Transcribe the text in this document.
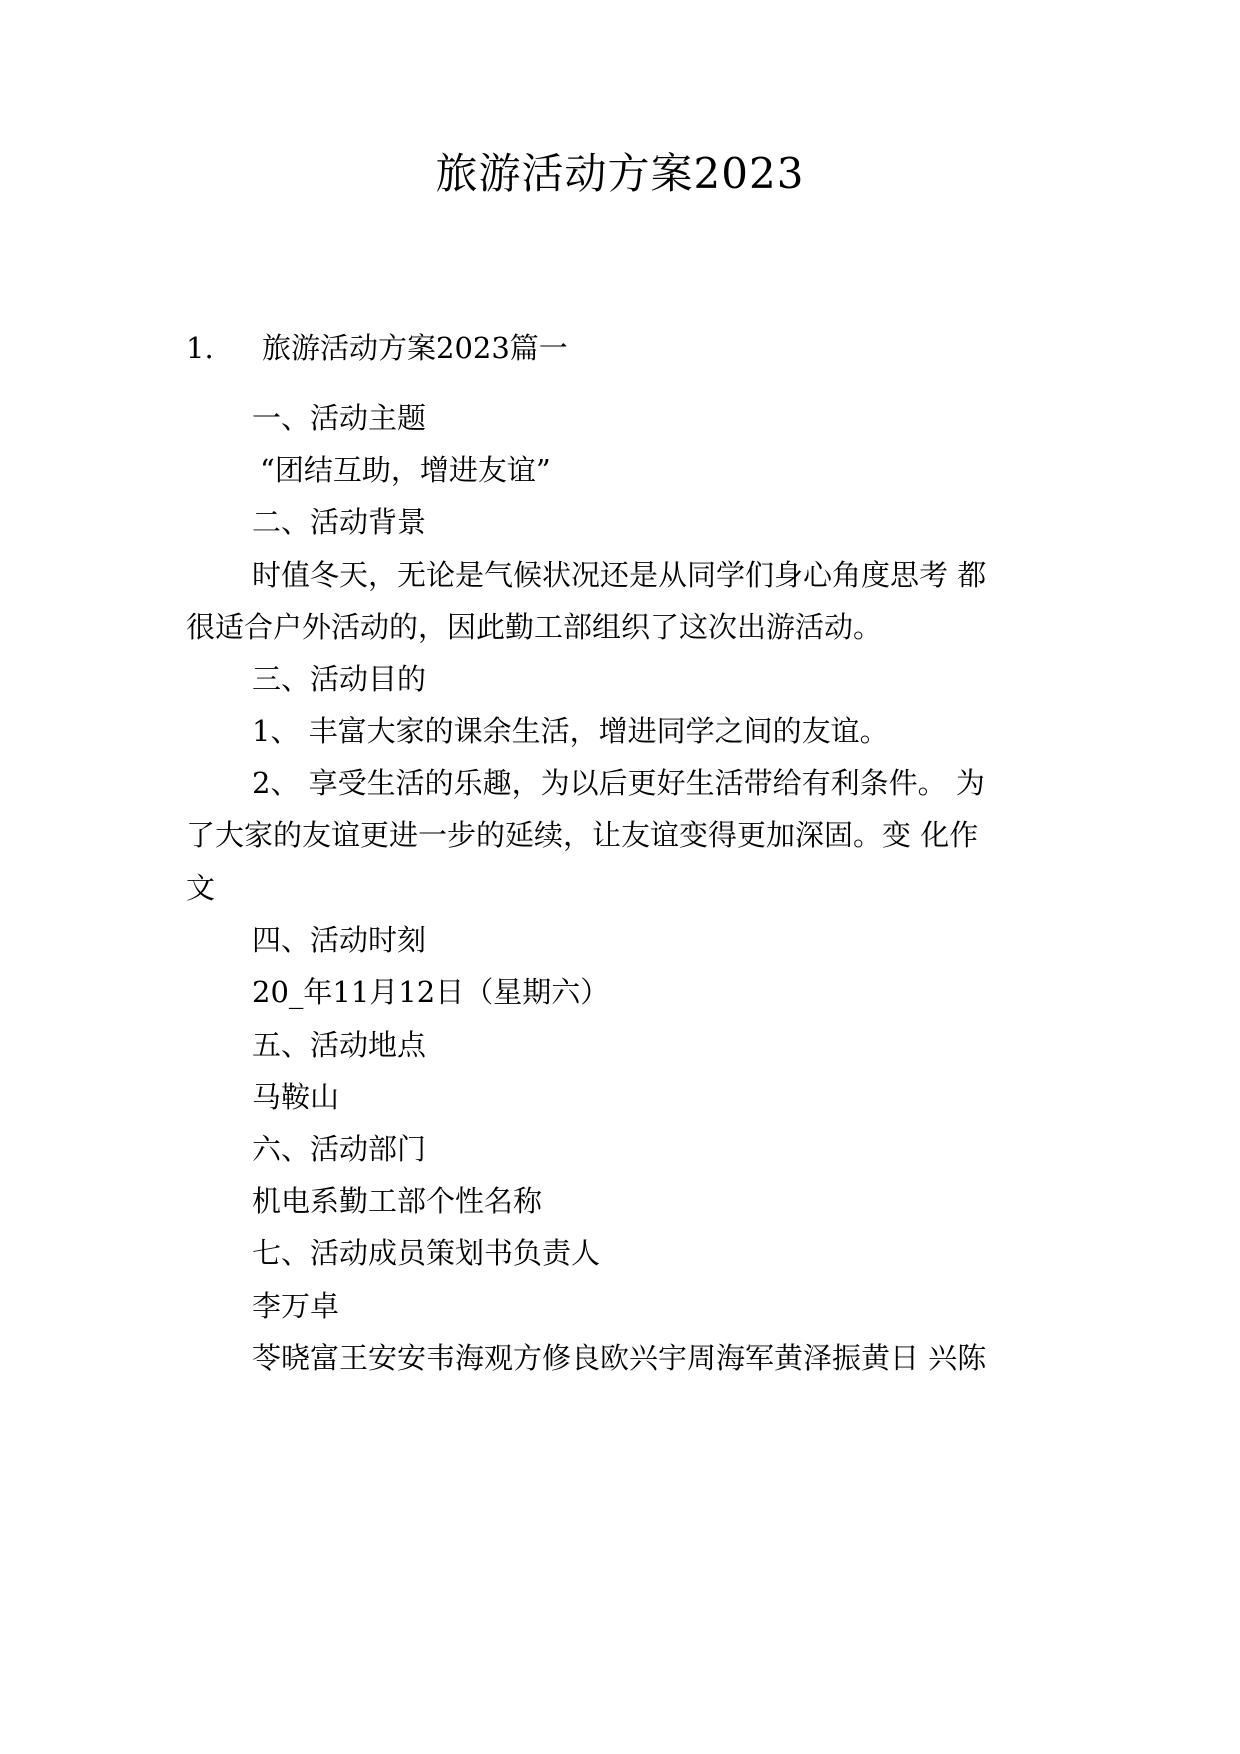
旅游活动方案2023
1. 旅游活动方案2023篇一
一、活动主题
“团结互助，增进友谊”
二、活动背景
时值冬天，无论是气候状况还是从同学们身心角度思考 都
很适合户外活动的，因此勤工部组织了这次出游活动。
三、活动目的
1、 丰富大家的课余生活，增进同学之间的友谊。
2、 享受生活的乐趣，为以后更好生活带给有利条件。 为
了大家的友谊更进一步的延续，让友谊变得更加深固。变 化作
文
四、活动时刻
20_年11月12日（星期六）
五、活动地点
马鞍山
六、活动部门
机电系勤工部个性名称
七、活动成员策划书负责人
李万卓
苓晓富王安安韦海观方修良欧兴宇周海军黄泽振黄日 兴陈
